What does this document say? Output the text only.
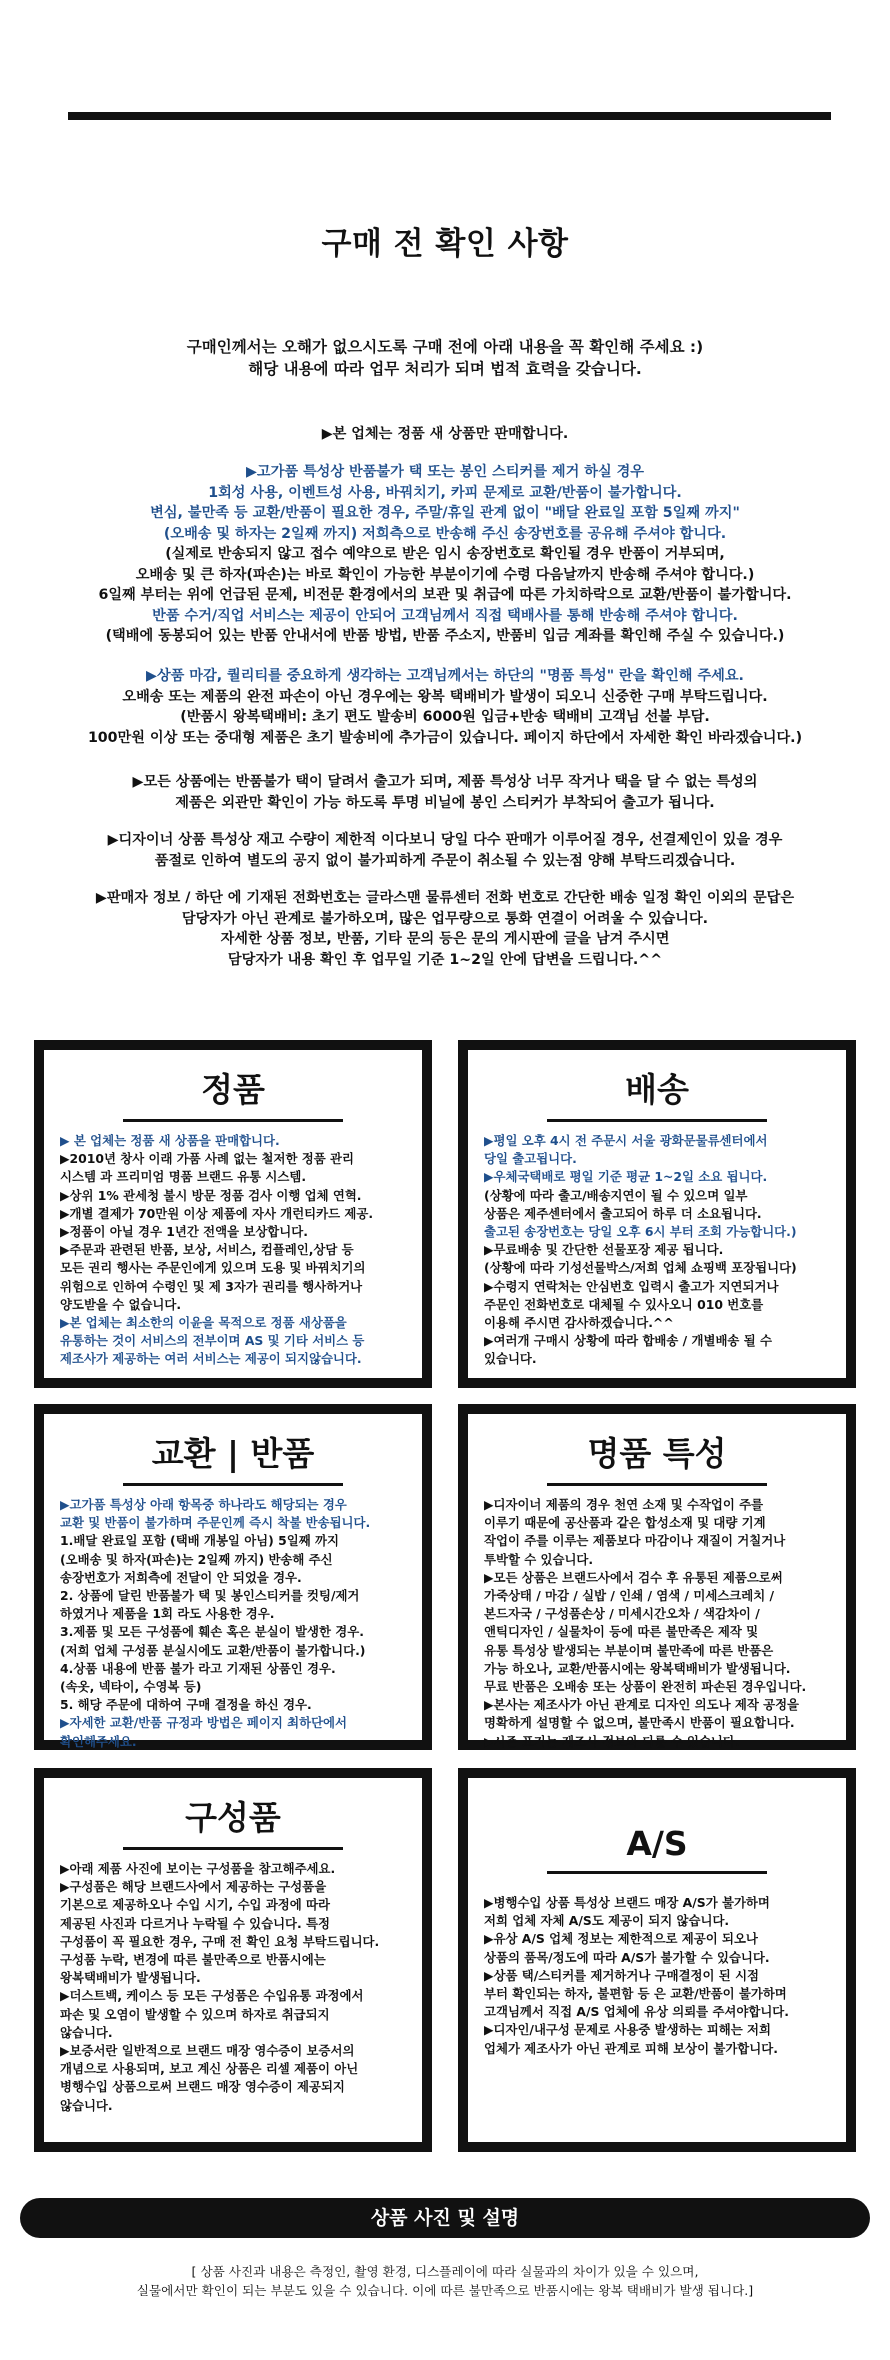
구매 전 확인 사항
구매인께서는 오해가 없으시도록 구매 전에 아래 내용을 꼭 확인해 주세요 :)
해당 내용에 따라 업무 처리가 되며 법적 효력을 갖습니다.
▶본 업체는 정품 새 상품만 판매합니다.
▶고가품 특성상 반품불가 택 또는 봉인 스티커를 제거 하실 경우
1회성 사용, 이벤트성 사용, 바꿔치기, 카피 문제로 교환/반품이 불가합니다.
변심, 불만족 등 교환/반품이 필요한 경우, 주말/휴일 관계 없이 "배달 완료일 포함 5일째 까지"
(오배송 및 하자는 2일째 까지) 저희측으로 반송해 주신 송장번호를 공유해 주셔야 합니다.
(실제로 반송되지 않고 접수 예약으로 받은 임시 송장번호로 확인될 경우 반품이 거부되며,
오배송 및 큰 하자(파손)는 바로 확인이 가능한 부분이기에 수령 다음날까지 반송해 주셔야 합니다.)
6일째 부터는 위에 언급된 문제, 비전문 환경에서의 보관 및 취급에 따른 가치하락으로 교환/반품이 불가합니다.
반품 수거/직업 서비스는 제공이 안되어 고객님께서 직접 택배사를 통해 반송해 주셔야 합니다.
(택배에 동봉되어 있는 반품 안내서에 반품 방법, 반품 주소지, 반품비 입금 계좌를 확인해 주실 수 있습니다.)
▶상품 마감, 퀄리티를 중요하게 생각하는 고객님께서는 하단의 "명품 특성" 란을 확인해 주세요.
오배송 또는 제품의 완전 파손이 아닌 경우에는 왕복 택배비가 발생이 되오니 신중한 구매 부탁드립니다.
(반품시 왕복택배비: 초기 편도 발송비 6000원 입금+반송 택배비 고객님 선불 부담.
100만원 이상 또는 중대형 제품은 초기 발송비에 추가금이 있습니다. 페이지 하단에서 자세한 확인 바라겠습니다.)
▶모든 상품에는 반품불가 택이 달려서 출고가 되며, 제품 특성상 너무 작거나 택을 달 수 없는 특성의
제품은 외관만 확인이 가능 하도록 투명 비닐에 봉인 스티커가 부착되어 출고가 됩니다.
▶디자이너 상품 특성상 재고 수량이 제한적 이다보니 당일 다수 판매가 이루어질 경우, 선결제인이 있을 경우
품절로 인하여 별도의 공지 없이 불가피하게 주문이 취소될 수 있는점 양해 부탁드리겠습니다.
▶판매자 정보 / 하단 에 기재된 전화번호는 글라스맨 물류센터 전화 번호로 간단한 배송 일정 확인 이외의 문답은
담당자가 아닌 관계로 불가하오며, 많은 업무량으로 통화 연결이 어려울 수 있습니다.
자세한 상품 정보, 반품, 기타 문의 등은 문의 게시판에 글을 남겨 주시면
담당자가 내용 확인 후 업무일 기준 1~2일 안에 답변을 드립니다.^^
정품
▶ 본 업체는 정품 새 상품을 판매합니다.
▶2010년 창사 이래 가품 사례 없는 철저한 정품 관리
시스템 과 프리미엄 명품 브랜드 유통 시스템.
▶상위 1% 관세청 불시 방문 정품 검사 이행 업체 연혁.
▶개별 결제가 70만원 이상 제품에 자사 개런티카드 제공.
▶정품이 아닐 경우 1년간 전액을 보상합니다.
▶주문과 관련된 반품, 보상, 서비스, 컴플레인,상담 등
모든 권리 행사는 주문인에게 있으며 도용 및 바꿔치기의
위험으로 인하여 수령인 및 제 3자가 권리를 행사하거나
양도받을 수 없습니다.
▶본 업체는 최소한의 이윤을 목적으로 정품 새상품을
유통하는 것이 서비스의 전부이며 AS 및 기타 서비스 등
제조사가 제공하는 여러 서비스는 제공이 되지않습니다.
배송
▶평일 오후 4시 전 주문시 서울 광화문물류센터에서
당일 출고됩니다.
▶우체국택배로 평일 기준 평균 1~2일 소요 됩니다.
(상황에 따라 출고/배송지연이 될 수 있으며 일부
상품은 제주센터에서 출고되어 하루 더 소요됩니다.
출고된 송장번호는 당일 오후 6시 부터 조회 가능합니다.)
▶무료배송 및 간단한 선물포장 제공 됩니다.
(상황에 따라 기성선물박스/저희 업체 쇼핑백 포장됩니다)
▶수령지 연락처는 안심번호 입력시 출고가 지연되거나
주문인 전화번호로 대체될 수 있사오니 010 번호를
이용해 주시면 감사하겠습니다.^^
▶여러개 구매시 상황에 따라 합배송 / 개별배송 될 수
있습니다.
교환 | 반품
▶고가품 특성상 아래 항목중 하나라도 해당되는 경우
교환 및 반품이 불가하며 주문인께 즉시 착불 반송됩니다.
1.배달 완료일 포함 (택배 개봉일 아님) 5일째 까지
(오배송 및 하자(파손)는 2일째 까지) 반송해 주신
송장번호가 저희측에 전달이 안 되었을 경우.
2. 상품에 달린 반품불가 택 및 봉인스티커를 컷팅/제거
하였거나 제품을 1회 라도 사용한 경우.
3.제품 및 모든 구성품에 훼손 혹은 분실이 발생한 경우.
(저희 업체 구성품 분실시에도 교환/반품이 불가합니다.)
4.상품 내용에 반품 불가 라고 기재된 상품인 경우.
(속옷, 넥타이, 수영복 등)
5. 해당 주문에 대하여 구매 결정을 하신 경우.
▶자세한 교환/반품 규정과 방법은 페이지 최하단에서
확인해주세요.
명품 특성
▶디자이너 제품의 경우 천연 소재 및 수작업이 주를
이루기 때문에 공산품과 같은 합성소재 및 대량 기계
작업이 주를 이루는 제품보다 마감이나 재질이 거칠거나
투박할 수 있습니다.
▶모든 상품은 브랜드사에서 검수 후 유통된 제품으로써
가죽상태 / 마감 / 실밥 / 인쇄 / 염색 / 미세스크레치 /
본드자국 / 구성품손상 / 미세시간오차 / 색감차이 /
앤틱디자인 / 실물차이 등에 따른 불만족은 제작 및
유통 특성상 발생되는 부분이며 불만족에 따른 반품은
가능 하오나, 교환/반품시에는 왕복택배비가 발생됩니다.
무료 반품은 오배송 또는 상품이 완전히 파손된 경우입니다.
▶본사는 제조사가 아닌 관계로 디자인 의도나 제작 공정을
명확하게 설명할 수 없으며, 불만족시 반품이 필요합니다.
▶시즌 표기는 제조사 정보와 다를 수 있습니다.
구성품
▶아래 제품 사진에 보이는 구성품을 참고해주세요.
▶구성품은 해당 브랜드사에서 제공하는 구성품을
기본으로 제공하오나 수입 시기, 수입 과정에 따라
제공된 사진과 다르거나 누락될 수 있습니다. 특정
구성품이 꼭 필요한 경우, 구매 전 확인 요청 부탁드립니다.
구성품 누락, 변경에 따른 불만족으로 반품시에는
왕복택배비가 발생됩니다.
▶더스트백, 케이스 등 모든 구성품은 수입유통 과정에서
파손 및 오염이 발생할 수 있으며 하자로 취급되지
않습니다.
▶보증서란 일반적으로 브랜드 매장 영수증이 보증서의
개념으로 사용되며, 보고 계신 상품은 리셀 제품이 아닌
병행수입 상품으로써 브랜드 매장 영수증이 제공되지
않습니다.
A/S
▶병행수입 상품 특성상 브랜드 매장 A/S가 불가하며
저희 업체 자체 A/S도 제공이 되지 않습니다.
▶유상 A/S 업체 정보는 제한적으로 제공이 되오나
상품의 품목/정도에 따라 A/S가 불가할 수 있습니다.
▶상품 택/스티커를 제거하거나 구매결정이 된 시점
부터 확인되는 하자, 불편함 등 은 교환/반품이 불가하며
고객님께서 직접 A/S 업체에 유상 의뢰를 주셔야합니다.
▶디자인/내구성 문제로 사용중 발생하는 피해는 저희
업체가 제조사가 아닌 관계로 피해 보상이 불가합니다.
상품 사진 및 설명
[ 상품 사진과 내용은 측정인, 촬영 환경, 디스플레이에 따라 실물과의 차이가 있을 수 있으며,
실물에서만 확인이 되는 부분도 있을 수 있습니다. 이에 따른 불만족으로 반품시에는 왕복 택배비가 발생 됩니다.]
